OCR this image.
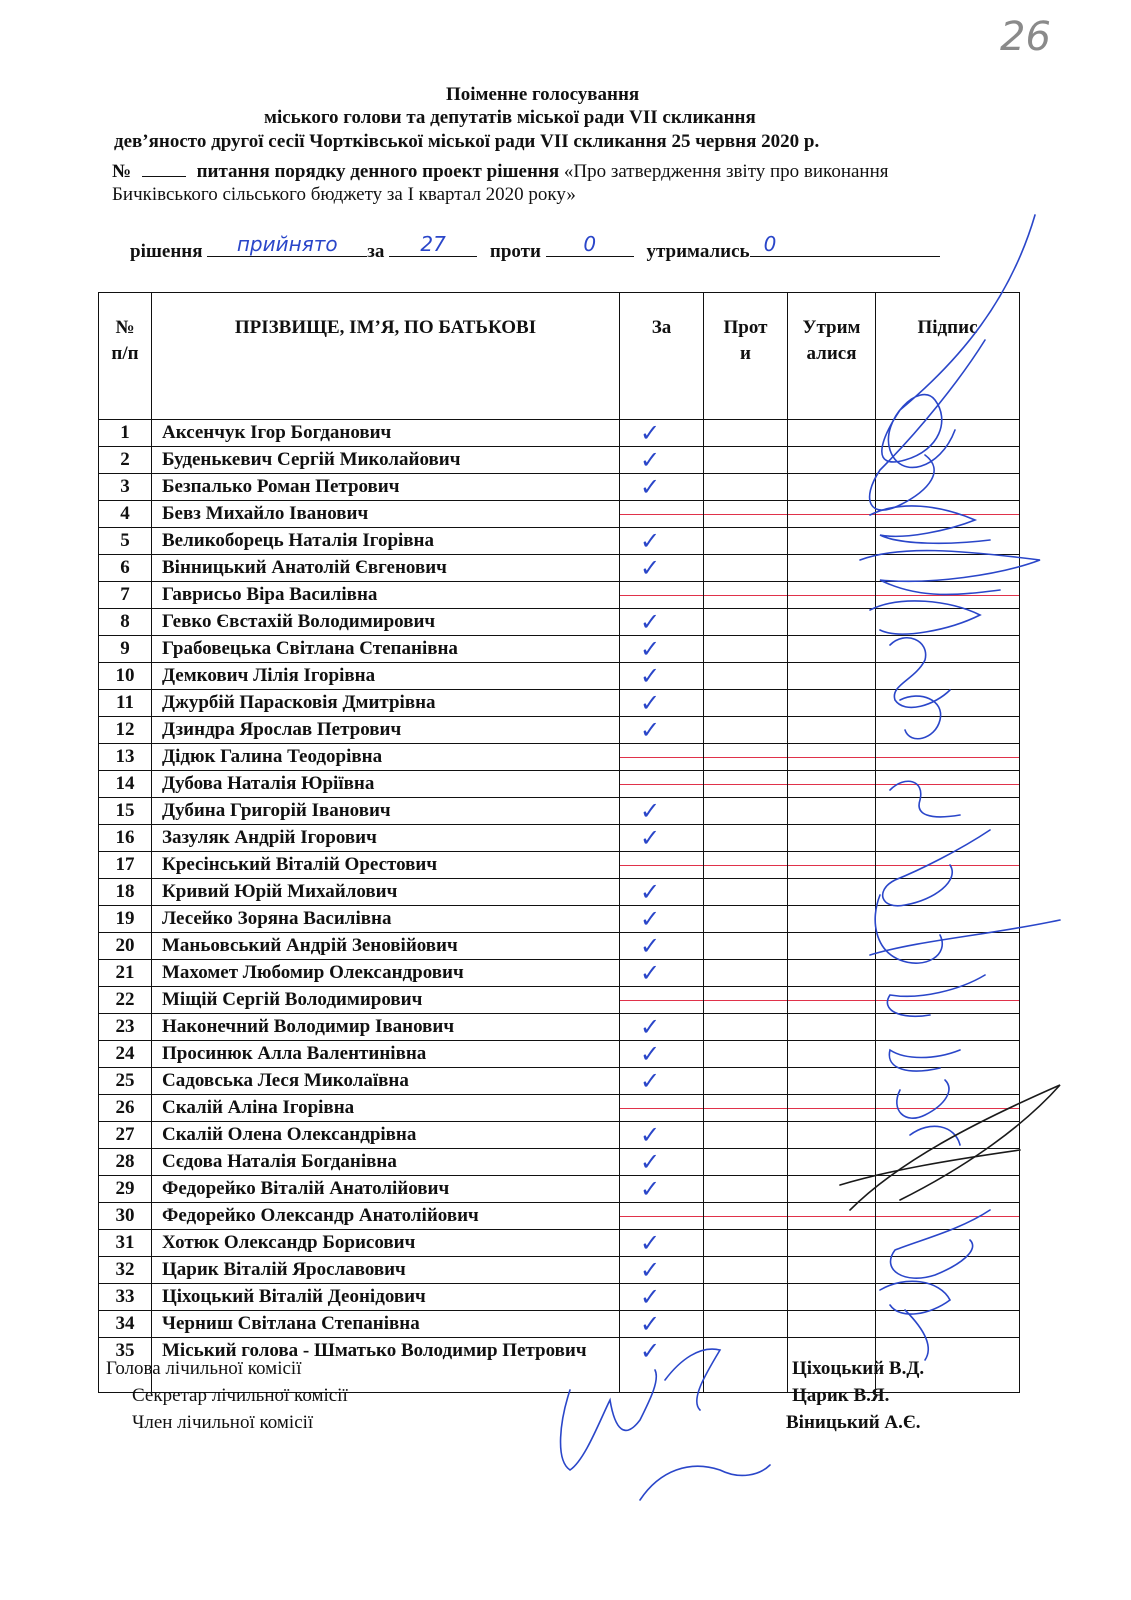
26
Поіменне голосування
міського голови та депутатів міської ради VII скликання
дев’яносто другої сесії Чортківської міської ради VII скликання 25 червня 2020 р.
№	питання порядку денного проект рішення «Про затвердження звіту про виконання
Бичківського сільського бюджету за І квартал 2020 року»
рішення	прийнято	за	27	проти	0	утримались 0
№ п/п	ПРІЗВИЩЕ, ІМ’Я, ПО БАТЬКОВІ	За	Проти	Утрималися	Підпис
1	Аксенчук Ігор Богданович	✓			

2	Буденькевич Сергій Миколайович	✓			

3	Безпалько Роман Петрович	✓			

4	Бевз Михайло Іванович	

5	Великоборець Наталія Ігорівна	✓			

6	Вінницький Анатолій Євгенович	✓			

7	Гаврисьо Віра Василівна	

8	Гевко Євстахій Володимирович	✓			

9	Грабовецька Світлана Степанівна	✓			

10	Демкович Лілія Ігорівна	✓			

11	Джурбій Парасковія Дмитрівна	✓			

12	Дзиндра Ярослав Петрович	✓			

13	Дідюк Галина Теодорівна	

14	Дубова Наталія Юріївна	

15	Дубина Григорій Іванович	✓			

16	Зазуляк Андрій Ігорович	✓			

17	Кресінський Віталій Орестович	

18	Кривий Юрій Михайлович	✓			

19	Лесейко Зоряна Василівна	✓			

20	Маньовський Андрій Зеновійович	✓			

21	Махомет Любомир Олександрович	✓			

22	Міщій Сергій Володимирович	

23	Наконечний Володимир Іванович	✓			

24	Просинюк Алла Валентинівна	✓			

25	Садовська Леся Миколаївна	✓			

26	Скалій Аліна Ігорівна	

27	Скалій Олена Олександрівна	✓			

28	Сєдова Наталія Богданівна	✓			

29	Федорейко Віталій Анатолійович	✓			

30	Федорейко Олександр Анатолійович	

31	Хотюк Олександр Борисович	✓			

32	Царик Віталій Ярославович	✓			

33	Ціхоцький Віталій Деонідович	✓			

34	Черниш Світлана Степанівна	✓			

35	Міський голова - Шматько Володимир Петрович	✓			

Голова лічильної комісії
Секретар лічильної комісії
Член лічильної комісії
Ціхоцький В.Д.
Царик В.Я.
Віницький А.Є.
